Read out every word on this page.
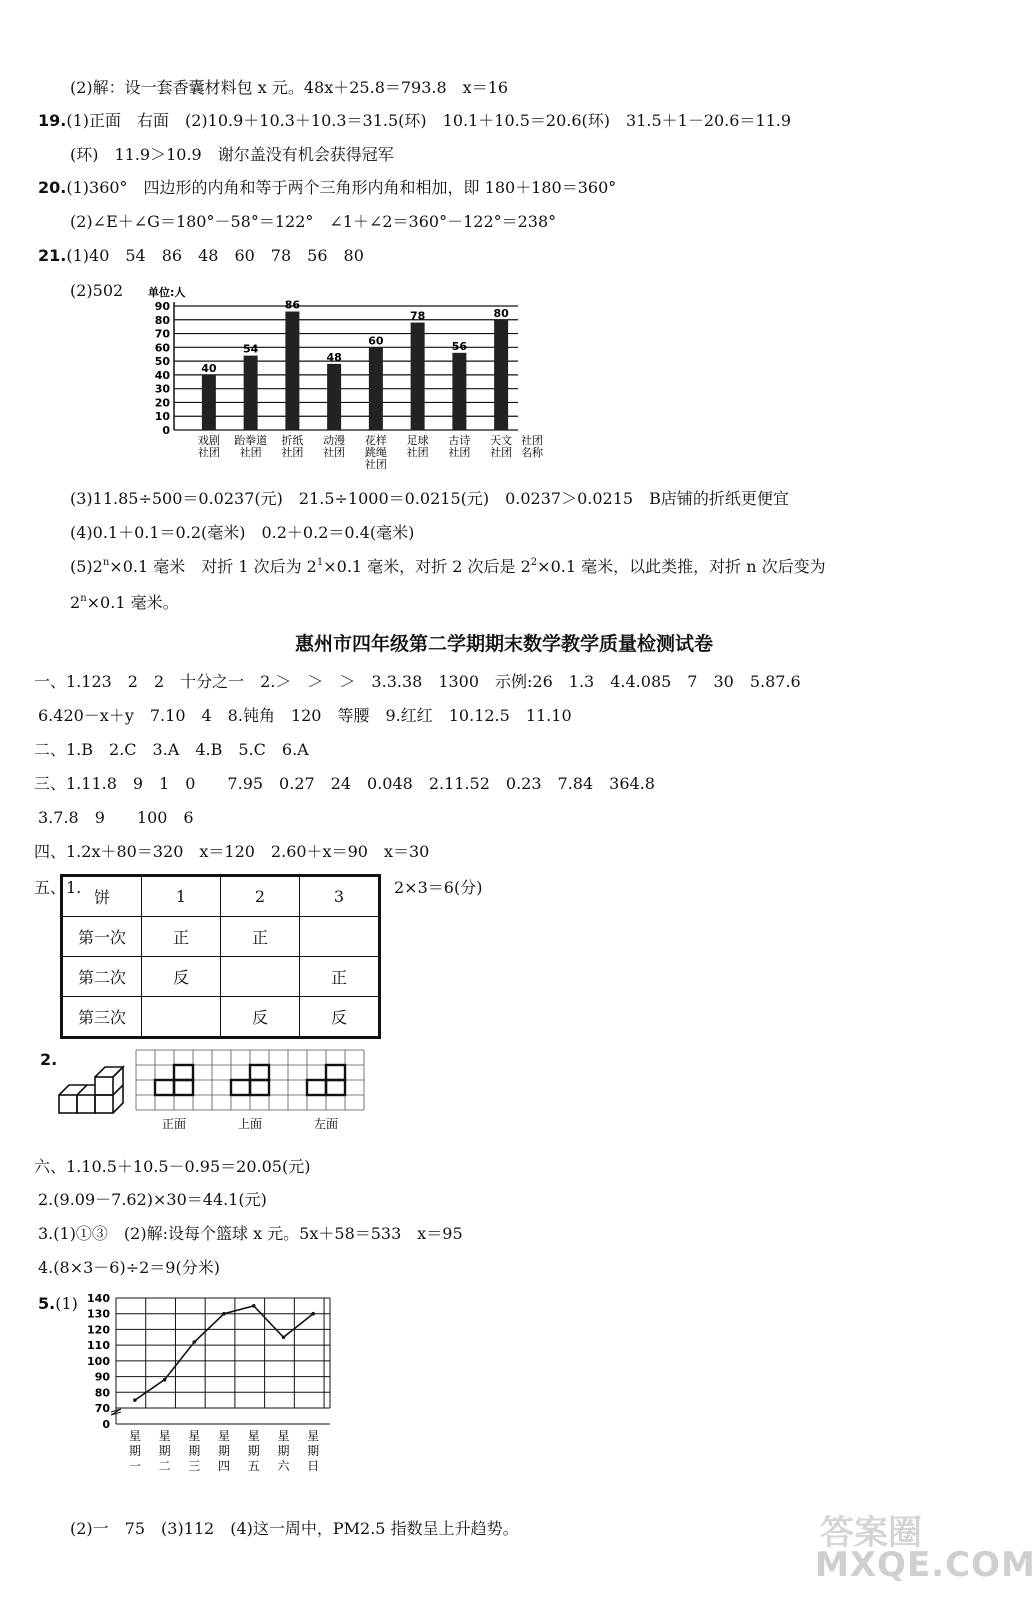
(2)解：设一套香囊材料包 x 元。48x＋25.8＝793.8　x＝16
19.(1)正面　右面　(2)10.9＋10.3＋10.3＝31.5(环)　10.1＋10.5＝20.6(环)　31.5＋1－20.6＝11.9
(环)　11.9＞10.9　谢尔盖没有机会获得冠军
20.(1)360°　四边形的内角和等于两个三角形内角和相加，即 180＋180＝360°
(2)∠E＋∠G＝180°－58°＝122°　∠1＋∠2＝360°－122°＝238°
21.(1)40　54　86　48　60　78　56　80
(2)502 单位:人
0
10
20
30
40
50
60
70
80
90
40
戏剧
社团
54
跆拳道
社团
86
折纸
社团
48
动漫
社团
60
花样
跳绳
社团
78
足球
社团
56
古诗
社团
80
天文
社团
社团
名称
(3)11.85÷500＝0.0237(元)　21.5÷1000＝0.0215(元)　0.0237＞0.0215　B店铺的折纸更便宜
(4)0.1＋0.1＝0.2(毫米)　0.2＋0.2＝0.4(毫米)
$(5)2^n\times 0.1$ 毫米　对折 1 次后为 $2^1\times 0.1$ 毫米，对折 2 次后是 $2^2\times 0.1$ 毫米，以此类推，对折 n 次后变为
$2^n\times 0.1$ 毫米。
惠州市四年级第二学期期末数学教学质量检测试卷
一、1.123　2　2　十分之一　2.＞　＞　＞　3.3.38　1300　示例:26　1.3　4.4.085　7　30　5.87.6
6.420－x＋y　7.10　4　8.钝角　120　等腰　9.红红　10.12.5　11.10
二、1.B　2.C　3.A　4.B　5.C　6.A
三、1.11.8　9　1　0　　7.95　0.27　24　0.048　2.11.52　0.23　7.84　364.8
3.7.8　9　　100　6
四、1.2x＋80＝320　x＝120　2.60＋x＝90　x＝30
五、1.
饼	1	2	3
第一次	正	正	
第二次	反		正
第三次		反	反
2×3＝6(分)
2.
正面	上面	左面
六、1.10.5＋10.5－0.95＝20.05(元)
2.(9.09－7.62)×30＝44.1(元)
3.(1)①③　(2)解:设每个篮球 x 元。5x＋58＝533　x＝95
4.(8×3－6)÷2＝9(分米)
5.(1)
70
80
90
100
110
120
130
140
0
星
期
一
星
期
二
星
期
三
星
期
四
星
期
五
星
期
六
星
期
日
(2)一　75　(3)112　(4)这一周中，PM2.5 指数呈上升趋势。	答案圈
MXQE.COM
